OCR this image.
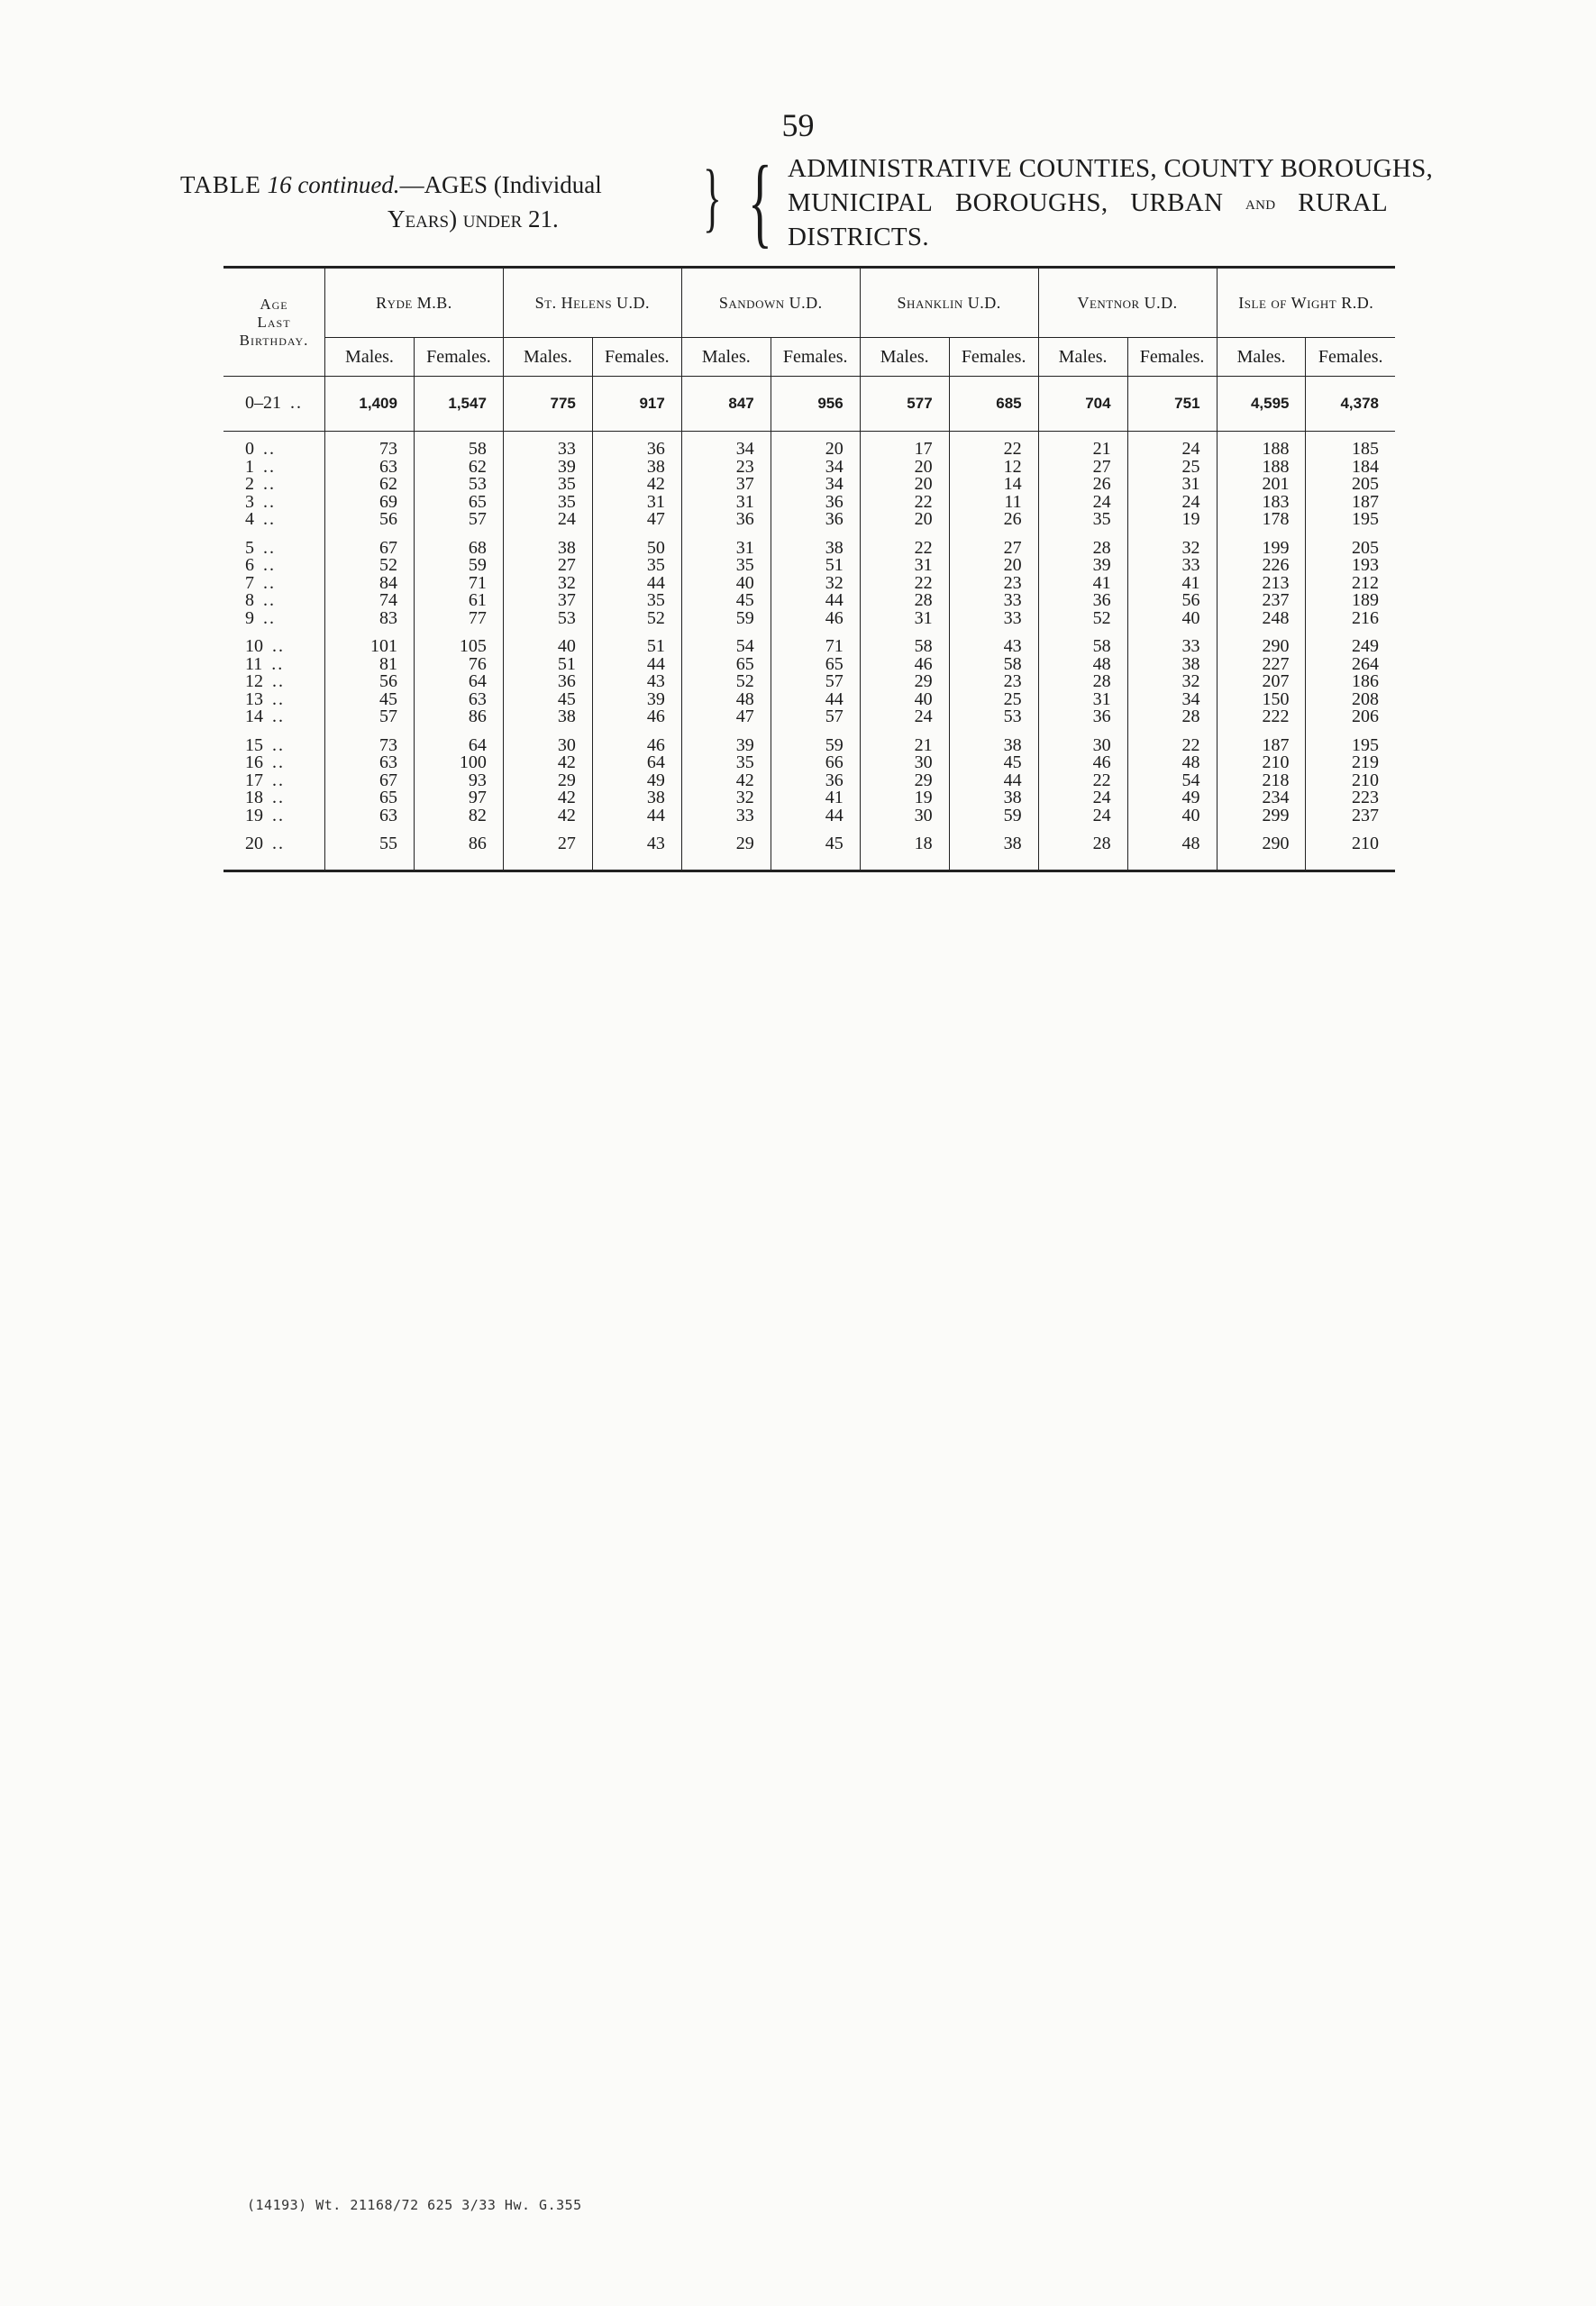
59
TABLE 16 continued.—AGES (Individual
Years) under 21.	} { ADMINISTRATIVE COUNTIES, COUNTY BOROUGHS,
MUNICIPAL BOROUGHS, URBAN and RURAL
DISTRICTS.
Age
Last
Birthday.	Ryde M.B.		St. Helens U.D.		Sandown U.D.		Shanklin U.D.		Ventnor U.D.		Isle of Wight R.D.	
	Males.	Females.	Males.	Females.	Males.	Females.	Males.	Females.	Males.	Females.	Males.	Females.
0–21 ..	1,409	1,547	775	917	847	956	577	685	704	751	4,595	4,378

0 ..	73	58	33	36	34	20	17	22	21	24	188	185
1 ..	63	62	39	38	23	34	20	12	27	25	188	184
2 ..	62	53	35	42	37	34	20	14	26	31	201	205
3 ..	69	65	35	31	31	36	22	11	24	24	183	187
4 ..	56	57	24	47	36	36	20	26	35	19	178	195

5 ..	67	68	38	50	31	38	22	27	28	32	199	205
6 ..	52	59	27	35	35	51	31	20	39	33	226	193
7 ..	84	71	32	44	40	32	22	23	41	41	213	212
8 ..	74	61	37	35	45	44	28	33	36	56	237	189
9 ..	83	77	53	52	59	46	31	33	52	40	248	216

10 ..	101	105	40	51	54	71	58	43	58	33	290	249
11 ..	81	76	51	44	65	65	46	58	48	38	227	264
12 ..	56	64	36	43	52	57	29	23	28	32	207	186
13 ..	45	63	45	39	48	44	40	25	31	34	150	208
14 ..	57	86	38	46	47	57	24	53	36	28	222	206

15 ..	73	64	30	46	39	59	21	38	30	22	187	195
16 ..	63	100	42	64	35	66	30	45	46	48	210	219
17 ..	67	93	29	49	42	36	29	44	22	54	218	210
18 ..	65	97	42	38	32	41	19	38	24	49	234	223
19 ..	63	82	42	44	33	44	30	59	24	40	299	237

20 ..	55	86	27	43	29	45	18	38	28	48	290	210

(14193) Wt. 21168/72 625 3/33 Hw. G.355
